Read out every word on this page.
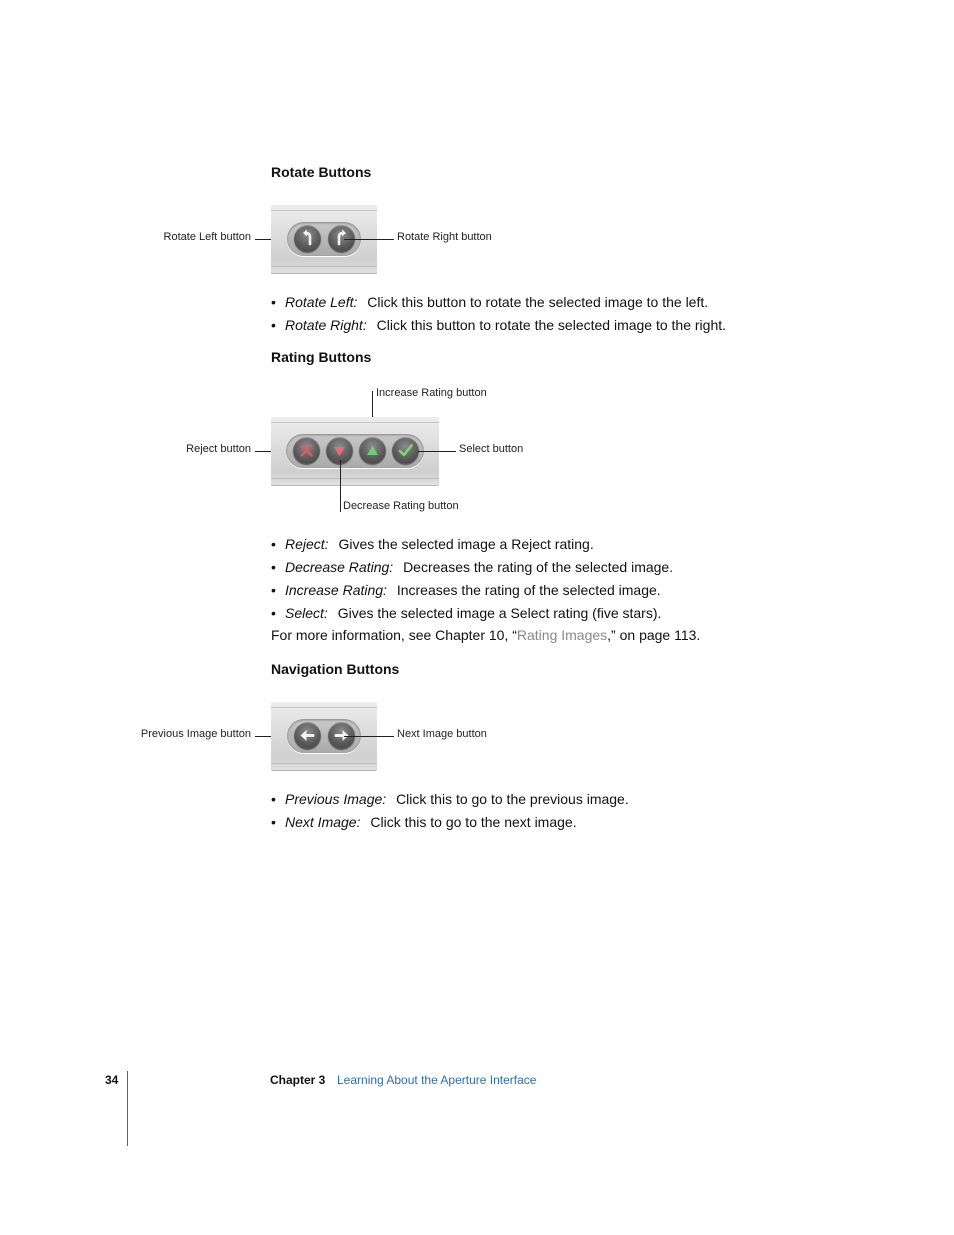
Rotate Buttons
Rotate Left button	Rotate Right button
• Rotate Left: Click this button to rotate the selected image to the left.
• Rotate Right: Click this button to rotate the selected image to the right.
Rating Buttons
Increase Rating button
Reject button	Select button
Decrease Rating button
• Reject: Gives the selected image a Reject rating.
• Decrease Rating: Decreases the rating of the selected image.
• Increase Rating: Increases the rating of the selected image.
• Select: Gives the selected image a Select rating (five stars).
For more information, see Chapter 10, “Rating Images,” on page 113.
Navigation Buttons
Previous Image button	Next Image button
• Previous Image: Click this to go to the previous image.
• Next Image: Click this to go to the next image.
34	Chapter 3 Learning About the Aperture Interface
